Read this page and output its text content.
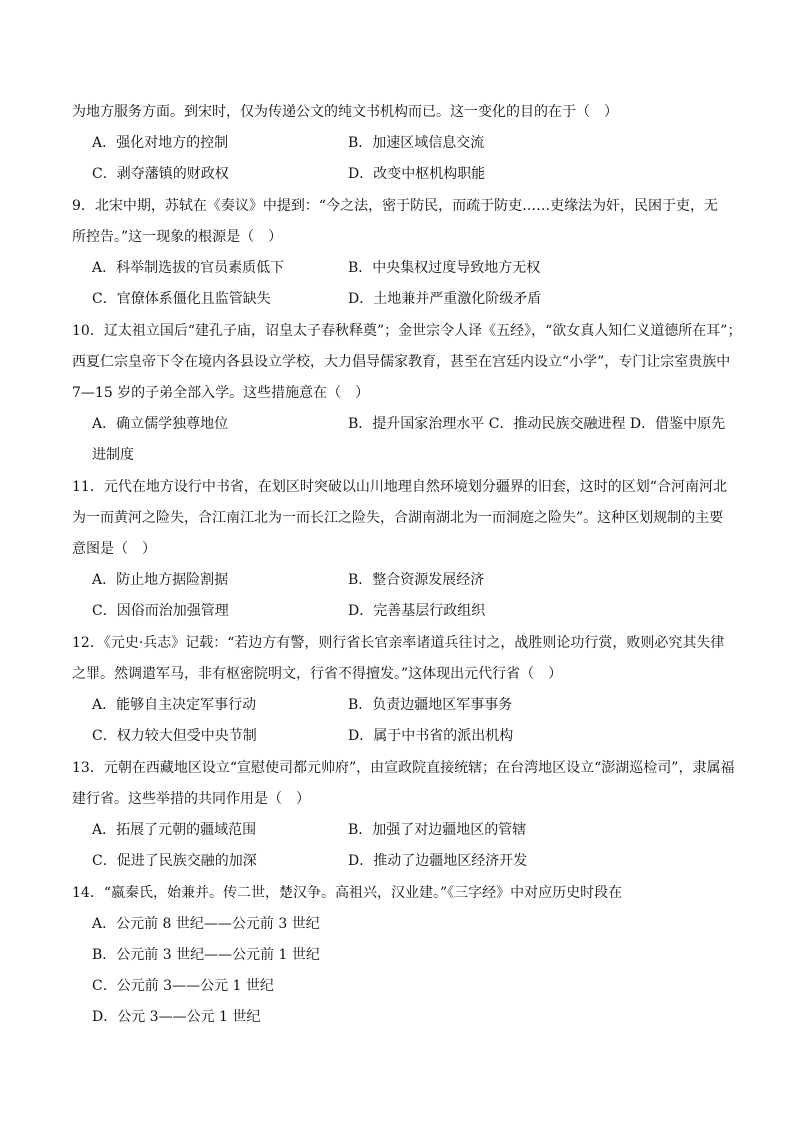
为地方服务方面。到宋时，仅为传递公文的纯文书机构而已。这一变化的目的在于（　）
A．强化对地方的控制	B．加速区域信息交流
C．剥夺藩镇的财政权	D．改变中枢机构职能
9．北宋中期，苏轼在《奏议》中提到：“今之法，密于防民，而疏于防吏……吏缘法为奸，民困于吏，无
所控告。”这一现象的根源是（　）
A．科举制选拔的官员素质低下	B．中央集权过度导致地方无权
C．官僚体系僵化且监管缺失	D．土地兼并严重激化阶级矛盾
10．辽太祖立国后“建孔子庙，诏皇太子春秋释奠”；金世宗令人译《五经》，“欲女真人知仁义道德所在耳”；
西夏仁宗皇帝下令在境内各县设立学校，大力倡导儒家教育，甚至在宫廷内设立“小学”，专门让宗室贵族中
7—15 岁的子弟全部入学。这些措施意在（　）
A．确立儒学独尊地位	B．提升国家治理水平 C．推动民族交融进程 D．借鉴中原先
进制度
11．元代在地方设行中书省，在划区时突破以山川地理自然环境划分疆界的旧套，这时的区划“合河南河北
为一而黄河之险失，合江南江北为一而长江之险失，合湖南湖北为一而洞庭之险失”。这种区划规制的主要
意图是（　）
A．防止地方据险割据	B．整合资源发展经济
C．因俗而治加强管理	D．完善基层行政组织
12．《元史·兵志》记载：“若边方有警，则行省长官亲率诸道兵往讨之，战胜则论功行赏，败则必究其失律
之罪。然调遣军马，非有枢密院明文，行省不得擅发。”这体现出元代行省（　）
A．能够自主决定军事行动	B．负责边疆地区军事事务
C．权力较大但受中央节制	D．属于中书省的派出机构
13．元朝在西藏地区设立“宣慰使司都元帅府”，由宣政院直接统辖；在台湾地区设立“澎湖巡检司”，隶属福
建行省。这些举措的共同作用是（　）
A．拓展了元朝的疆域范围	B．加强了对边疆地区的管辖
C．促进了民族交融的加深	D．推动了边疆地区经济开发
14．“嬴秦氏，始兼并。传二世，楚汉争。高祖兴，汉业建。”《三字经》中对应历史时段在
A．公元前 8 世纪——公元前 3 世纪
B．公元前 3 世纪——公元前 1 世纪
C．公元前 3——公元 1 世纪
D．公元 3——公元 1 世纪
